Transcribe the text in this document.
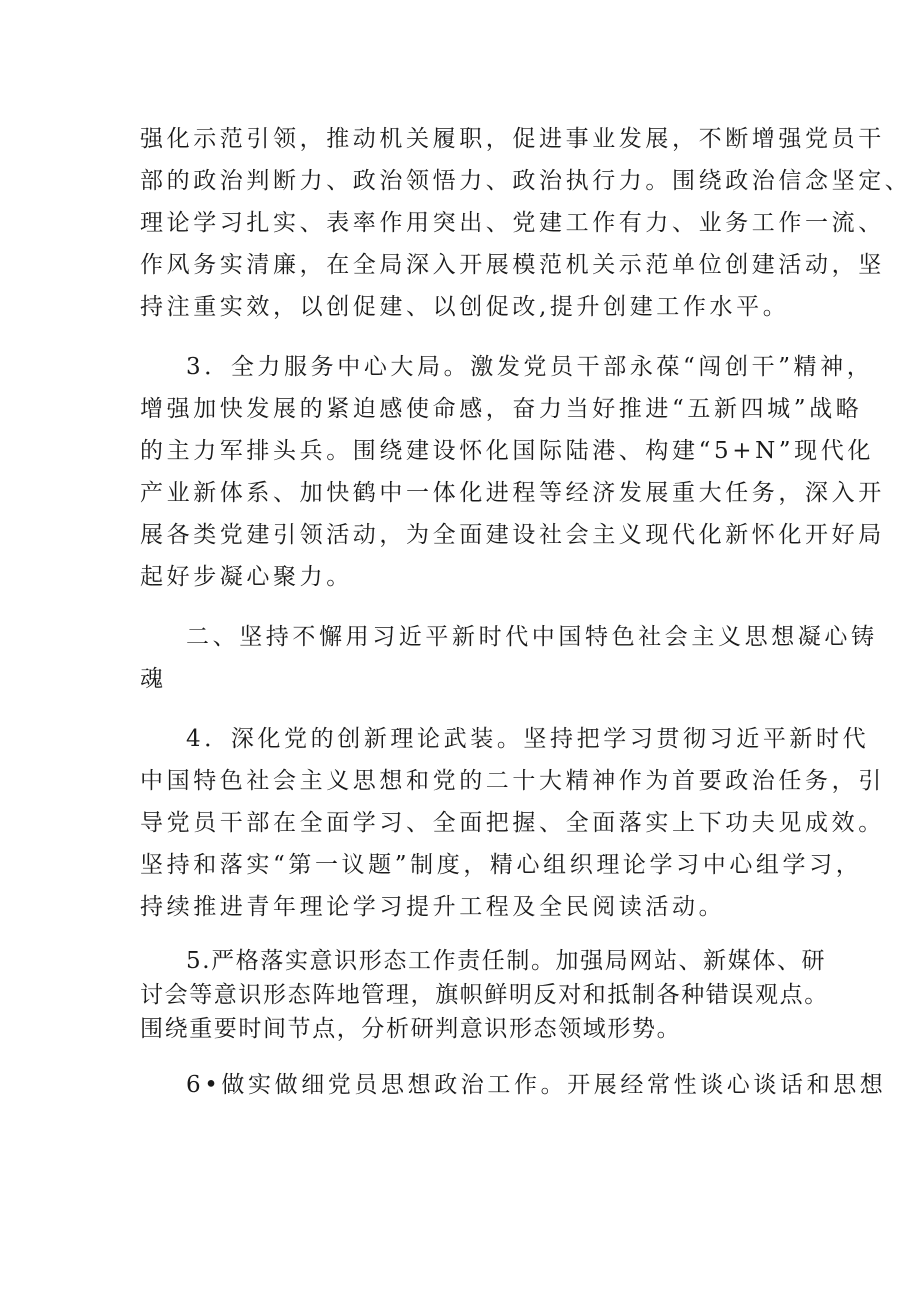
强化示范引领，推动机关履职，促进事业发展，不断增强党员干
部的政治判断力、政治领悟力、政治执行力。围绕政治信念坚定、
理论学习扎实、表率作用突出、党建工作有力、业务工作一流、
作风务实清廉，在全局深入开展模范机关示范单位创建活动，坚
持注重实效，以创促建、以创促改,提升创建工作水平。
3．全力服务中心大局。激发党员干部永葆“闯创干”精神，
增强加快发展的紧迫感使命感，奋力当好推进“五新四城”战略
的主力军排头兵。围绕建设怀化国际陆港、构建“5+N”现代化
产业新体系、加快鹤中一体化进程等经济发展重大任务，深入开
展各类党建引领活动，为全面建设社会主义现代化新怀化开好局
起好步凝心聚力。
二、坚持不懈用习近平新时代中国特色社会主义思想凝心铸
魂
4．深化党的创新理论武装。坚持把学习贯彻习近平新时代
中国特色社会主义思想和党的二十大精神作为首要政治任务，引
导党员干部在全面学习、全面把握、全面落实上下功夫见成效。
坚持和落实“第一议题”制度，精心组织理论学习中心组学习，
持续推进青年理论学习提升工程及全民阅读活动。
5.严格落实意识形态工作责任制。加强局网站、新媒体、研
讨会等意识形态阵地管理，旗帜鲜明反对和抵制各种错误观点。
围绕重要时间节点，分析研判意识形态领域形势。
6•做实做细党员思想政治工作。开展经常性谈心谈话和思想
